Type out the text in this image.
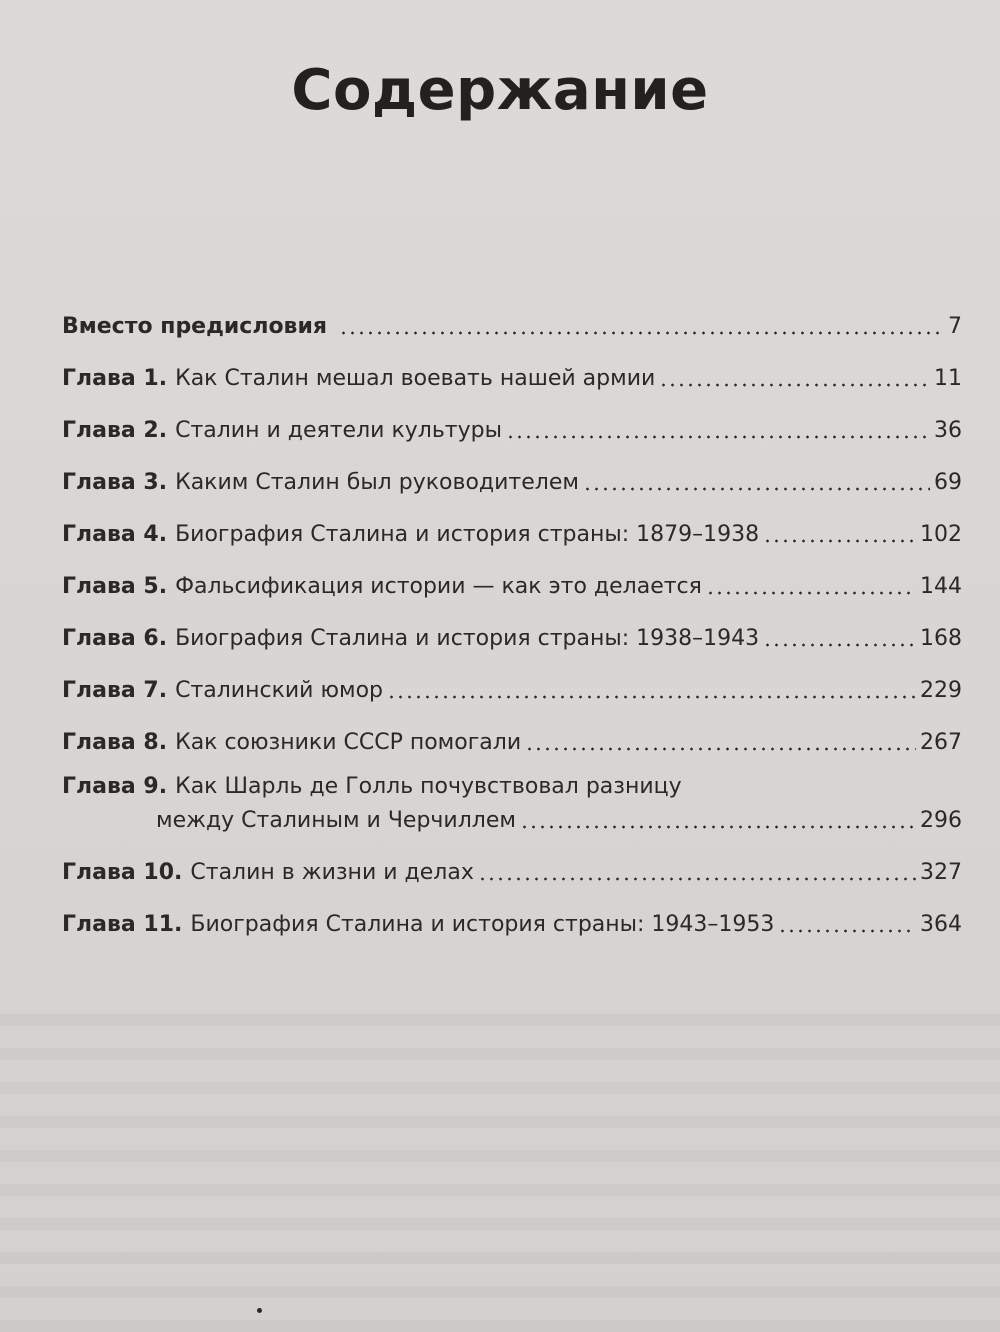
Содержание
Вместо предисловия	7
Глава 1. Как Сталин мешал воевать нашей армии	11
Глава 2. Сталин и деятели культуры	36
Глава 3. Каким Сталин был руководителем	69
Глава 4. Биография Сталина и история страны: 1879–1938	102
Глава 5. Фальсификация истории — как это делается	144
Глава 6. Биография Сталина и история страны: 1938–1943	168
Глава 7. Сталинский юмор	229
Глава 8. Как союзники СССР помогали	267
Глава 9. Как Шарль де Голль почувствовал разницу
между Сталиным и Черчиллем	296
Глава 10. Сталин в жизни и делах	327
Глава 11. Биография Сталина и история страны: 1943–1953	364
